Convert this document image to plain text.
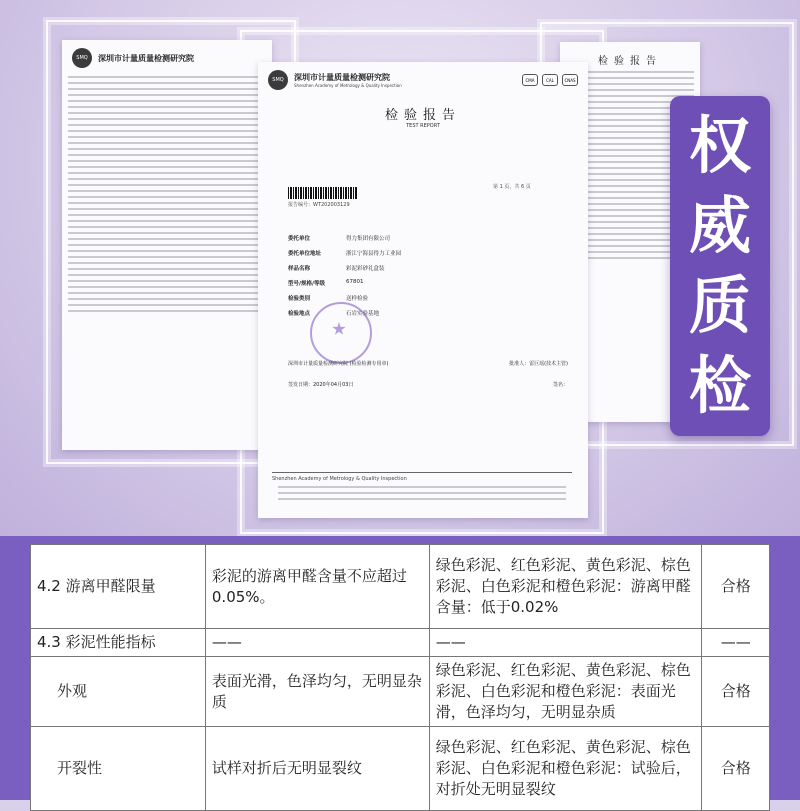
SMQ	深圳市计量质量检测研究院	检验报告
SMQ	深圳市计量质量检测研究院
Shenzhen Academy of Metrology & Quality Inspection
CMA	CAL	CNAS
检验报告
TEST REPORT
第 1 页，共 6 页
报告编号：WT202003129
委托单位	得力集团有限公司
委托单位地址	浙江宁海县得力工业园
样品名称	彩泥彩砂礼盒装
型号/规格/等级	67801
检验类别	送样检验
检验地点	石岩实验基地
深圳市计量质量检测研究院 (检验检测专用章)	批准人：雷巨瑶(技术主管)
签发日期：2020年04月03日	签名：
Shenzhen Academy of Metrology & Quality Inspection
权
威
质
检
4.2 游离甲醛限量	彩泥的游离甲醛含量不应超过0.05%。	绿色彩泥、红色彩泥、黄色彩泥、棕色彩泥、白色彩泥和橙色彩泥：游离甲醛含量：低于0.02%	合格
4.3 彩泥性能指标	——	——	——
外观	表面光滑，色泽均匀，无明显杂质	绿色彩泥、红色彩泥、黄色彩泥、棕色彩泥、白色彩泥和橙色彩泥：表面光滑，色泽均匀，无明显杂质	合格
开裂性	试样对折后无明显裂纹	绿色彩泥、红色彩泥、黄色彩泥、棕色彩泥、白色彩泥和橙色彩泥：试验后，对折处无明显裂纹	合格
